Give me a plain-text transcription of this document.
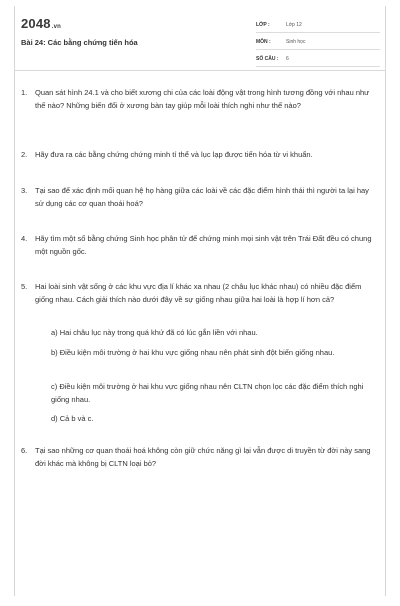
2048.vn
Bài 24: Các bằng chứng tiến hóa
LỚP :	Lớp 12
MÔN :	Sinh học
SỐ CÂU : 6
1. Quan sát hình 24.1 và cho biết xương chi của các loài động vật trong hình tương đồng với nhau như thế nào? Những biến đổi ở xương bàn tay giúp mỗi loài thích nghi như thế nào?
2. Hãy đưa ra các bằng chứng chứng minh tí thể và lục lạp được tiến hóa từ vi khuẩn.
3. Tại sao để xác định mối quan hệ họ hàng giữa các loài về các đặc điểm hình thái thì người ta lại hay sử dụng các cơ quan thoái hoá?
4. Hãy tìm một số bằng chứng Sinh học phân tử để chứng minh mọi sinh vật trên Trái Đất đều có chung một nguồn gốc.
5. Hai loài sinh vật sống ở các khu vực địa lí khác xa nhau (2 châu lục khác nhau) có nhiều đặc điểm giống nhau. Cách giải thích nào dưới đây về sự giống nhau giữa hai loài là hợp lí hơn cả?
a) Hai châu lục này trong quá khứ đã có lúc gắn liền với nhau.
b) Điều kiện môi trường ở hai khu vực giống nhau nên phát sinh đột biến giống nhau.
c) Điều kiện môi trường ở hai khu vực giống nhau nên CLTN chọn lọc các đặc điểm thích nghi giống nhau.
d) Cả b và c.
6. Tại sao những cơ quan thoái hoá không còn giữ chức năng gì lại vẫn được di truyền từ đời này sang đời khác mà không bị CLTN loại bỏ?
